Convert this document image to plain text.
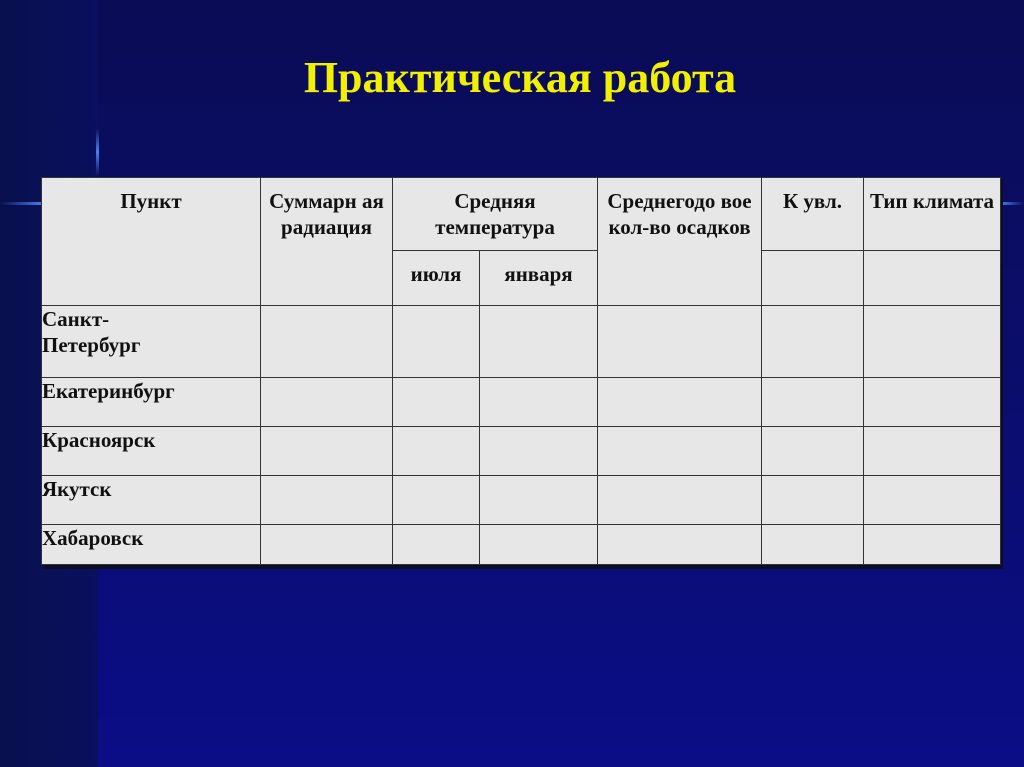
Практическая работа
Пункт	Суммарн ая радиация	Средняя температура		Среднегодо вое кол-во осадков	К увл.	Тип климата
		июля	января			
Санкт-Петербург						
Екатеринбург						
Красноярск						
Якутск						
Хабаровск						
